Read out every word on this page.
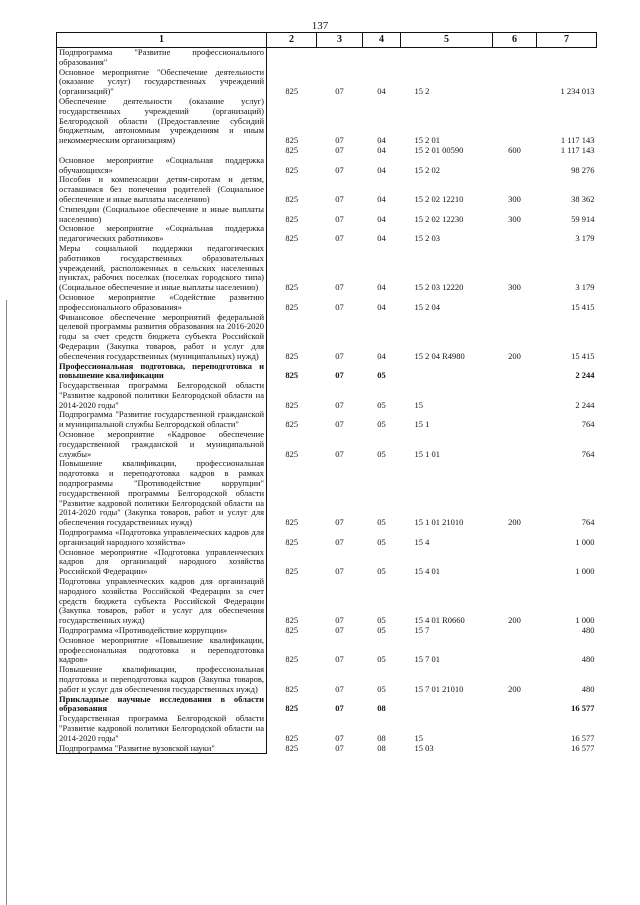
137
1	2	3	4	5	6	7
Подпрограмма "Развитие профессионального образования"						
Основное мероприятие "Обеспечение деятельности (оказание услуг) государственных учреждений (организаций)"	825	07	04	15 2		1 234 013
Обеспечение деятельности (оказание услуг) государственных учреждений (организаций) Белгородской области (Предоставление субсидий бюджетным, автономным учреждениям и иным некоммерческим организациям)	825	07	04	15 2 01		1 117 143
	825	07	04	15 2 01 00590	600	1 117 143
Основное мероприятие «Социальная поддержка обучающихся»	825	07	04	15 2 02		98 276
Пособия и компенсации детям-сиротам и детям, оставшимся без попечения родителей (Социальное обеспечение и иные выплаты населению)	825	07	04	15 2 02 12210	300	38 362
Стипендии (Социальное обеспечение и иные выплаты населению)	825	07	04	15 2 02 12230	300	59 914
Основное мероприятие «Социальная поддержка педагогических работников»	825	07	04	15 2 03		3 179
Меры социальной поддержки педагогических работников государственных образовательных учреждений, расположенных в сельских населенных пунктах, рабочих поселках (поселках городского типа) (Социальное обеспечение и иные выплаты населению)	825	07	04	15 2 03 12220	300	3 179
Основное мероприятие «Содействие развитию профессионального образования»	825	07	04	15 2 04		15 415
Финансовое обеспечение мероприятий федеральной целевой программы развития образования на 2016-2020 годы за счет средств бюджета субъекта Российской Федерации (Закупка товаров, работ и услуг для обеспечения государственных (муниципальных) нужд)	825	07	04	15 2 04 R4980	200	15 415
Профессиональная подготовка, переподготовка и повышение квалификации	825	07	05			2 244
Государственная программа Белгородской области "Развитие кадровой политики Белгородской области на 2014-2020 годы"	825	07	05	15		2 244
Подпрограмма "Развитие государственной гражданской и муниципальной службы Белгородской области"	825	07	05	15 1		764
Основное мероприятие «Кадровое обеспечение государственной гражданской и муниципальной службы»	825	07	05	15 1 01		764
Повышение квалификации, профессиональная подготовка и переподготовка кадров в рамках подпрограммы "Противодействие коррупции" государственной программы Белгородской области "Развитие кадровой политики Белгородской области на 2014-2020 годы" (Закупка товаров, работ и услуг для обеспечения государственных нужд)	825	07	05	15 1 01 21010	200	764
Подпрограмма «Подготовка управленческих кадров для организаций народного хозяйства»	825	07	05	15 4		1 000
Основное мероприятие «Подготовка управленческих кадров для организаций народного хозяйства Российской Федерации»	825	07	05	15 4 01		1 000
Подготовка управленческих кадров для организаций народного хозяйства Российской Федерации за счет средств бюджета субъекта Российской Федерации (Закупка товаров, работ и услуг для обеспечения государственных нужд)	825	07	05	15 4 01 R0660	200	1 000
Подпрограмма «Противодействие коррупции»	825	07	05	15 7		480
Основное мероприятие «Повышение квалификации, профессиональная подготовка и переподготовка кадров»	825	07	05	15 7 01		480
Повышение квалификации, профессиональная подготовка и переподготовка кадров (Закупка товаров, работ и услуг для обеспечения государственных нужд)	825	07	05	15 7 01 21010	200	480
Прикладные научные исследования в области образования	825	07	08			16 577
Государственная программа Белгородской области "Развитие кадровой политики Белгородской области на 2014-2020 годы"	825	07	08	15		16 577
Подпрограмма "Развитие вузовской науки"	825	07	08	15 03		16 577
